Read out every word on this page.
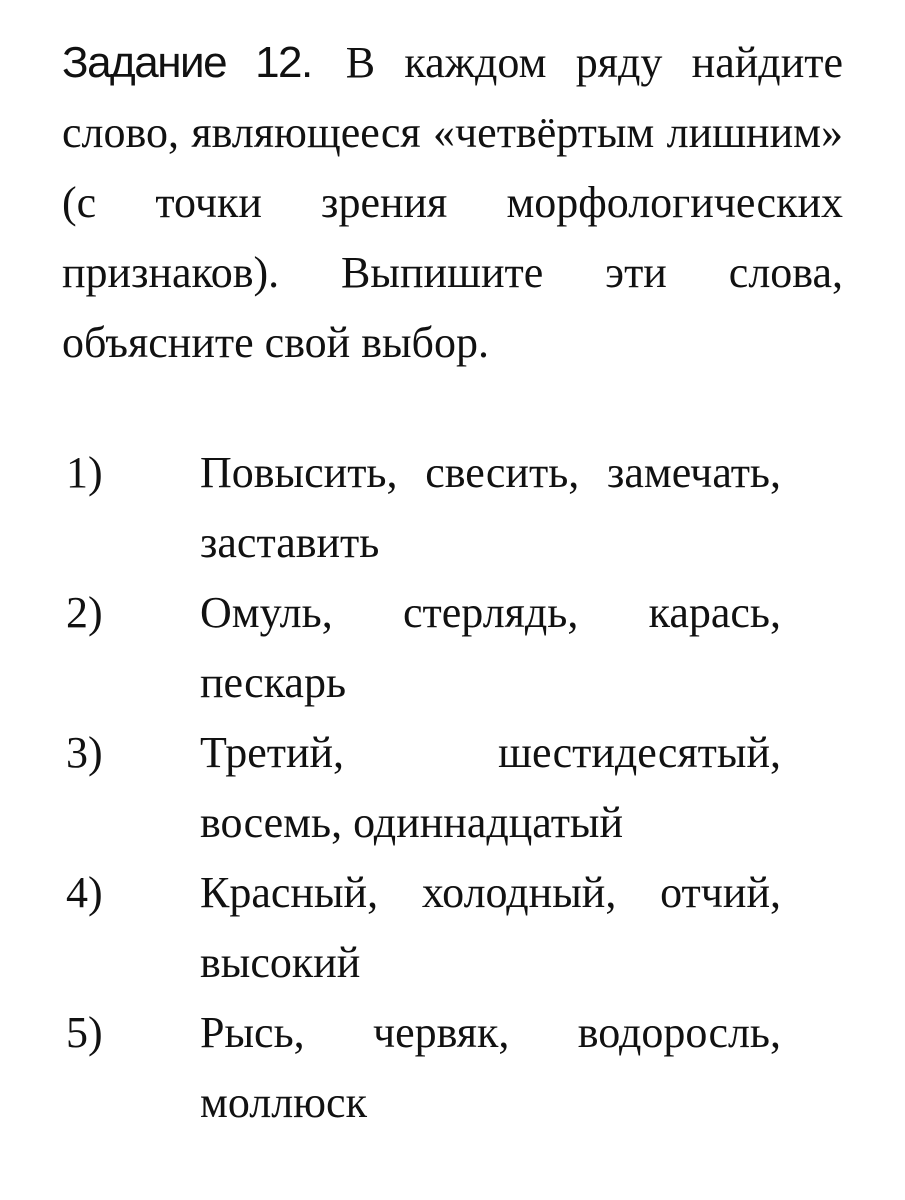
Задание 12. В каждом ряду найдите слово, являющееся «четвёртым лишним» (с точки зрения морфологических признаков). Выпишите эти слова, объясните свой выбор.

1)	Повысить, свесить, замечать, заставить
2)	Омуль, стерлядь, карась, пескарь
3)	Третий, шестидесятый, восемь, одиннадцатый
4)	Красный, холодный, отчий, высокий
5)	Рысь, червяк, водоросль, моллюск
